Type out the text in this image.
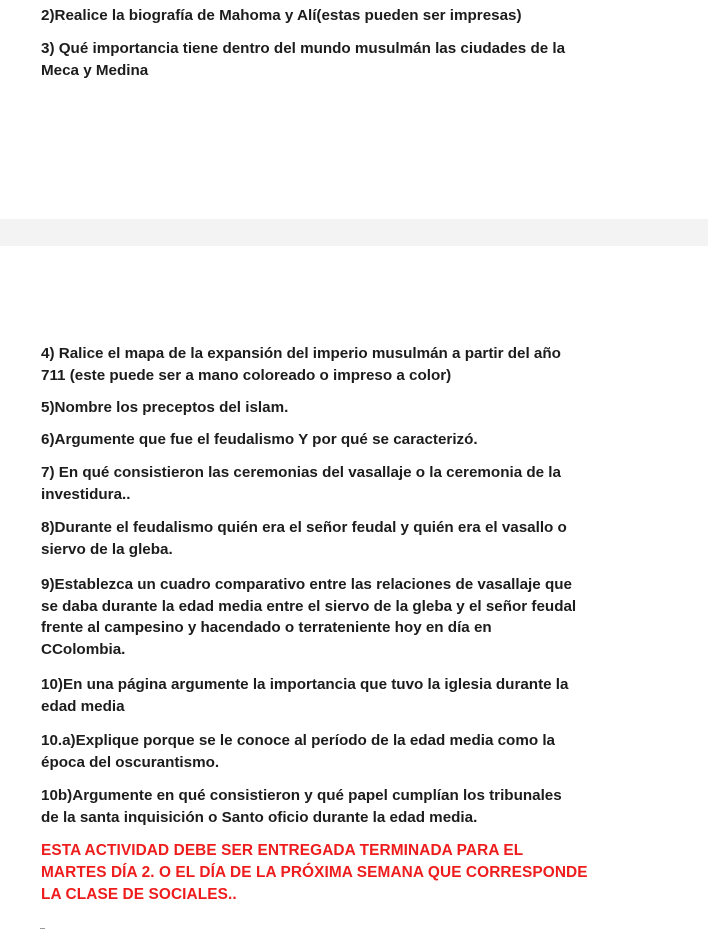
2)Realice la biografía de Mahoma y Alí(estas pueden ser impresas)

3) Qué importancia tiene dentro del mundo musulmán las ciudades de la
Meca y Medina

4) Ralice el mapa de la expansión del imperio musulmán a partir del año
711 (este puede ser a mano coloreado o impreso a color)

5)Nombre los preceptos del islam.

6)Argumente que fue el feudalismo Y por qué se caracterizó.

7) En qué consistieron las ceremonias del vasallaje o la ceremonia de la
investidura..

8)Durante el feudalismo quién era el señor feudal y quién era el vasallo o
siervo de la gleba.

9)Establezca un cuadro comparativo entre las relaciones de vasallaje que
se daba durante la edad media entre el siervo de la gleba y el señor feudal
frente al campesino y hacendado o terrateniente hoy en día en
CColombia.

10)En una página argumente la importancia que tuvo la iglesia durante la
edad media

10.a)Explique porque se le conoce al período de la edad media como la
época del oscurantismo.

10b)Argumente en qué consistieron y qué papel cumplían los tribunales
de la santa inquisición o Santo oficio durante la edad media.

ESTA ACTIVIDAD DEBE SER ENTREGADA TERMINADA PARA EL
MARTES DÍA 2. O EL DÍA DE LA PRÓXIMA SEMANA QUE CORRESPONDE
LA CLASE DE SOCIALES..
